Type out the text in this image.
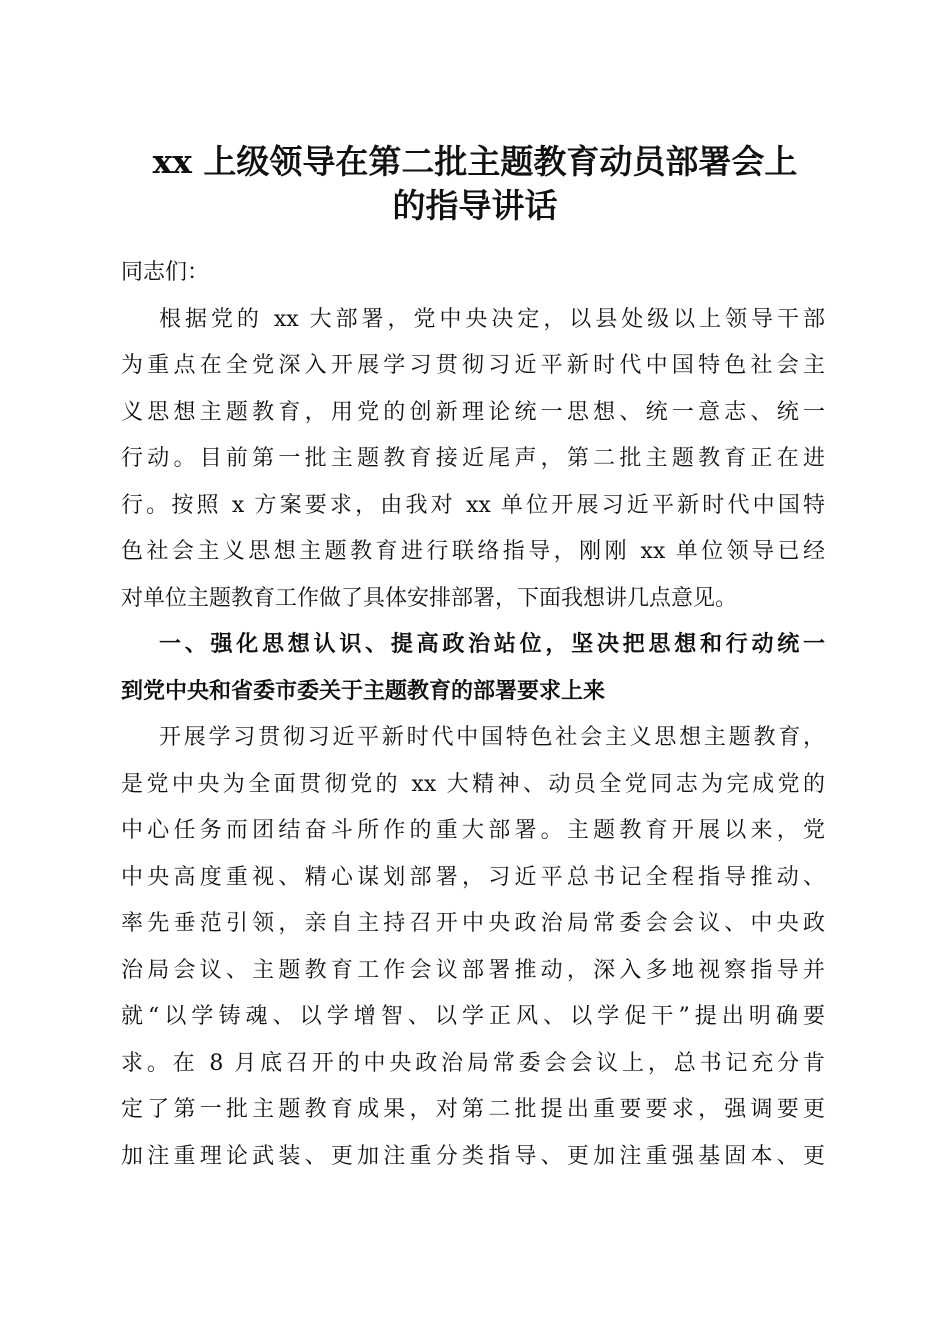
xx 上级领导在第二批主题教育动员部署会上
的指导讲话
同志们：
根据党的 xx 大部署，党中央决定，以县处级以上领导干部
为重点在全党深入开展学习贯彻习近平新时代中国特色社会主
义思想主题教育，用党的创新理论统一思想、统一意志、统一
行动。目前第一批主题教育接近尾声，第二批主题教育正在进
行。按照 x 方案要求，由我对 xx 单位开展习近平新时代中国特
色社会主义思想主题教育进行联络指导，刚刚 xx 单位领导已经
对单位主题教育工作做了具体安排部署，下面我想讲几点意见。
一、强化思想认识、提高政治站位，坚决把思想和行动统一
到党中央和省委市委关于主题教育的部署要求上来
开展学习贯彻习近平新时代中国特色社会主义思想主题教育，
是党中央为全面贯彻党的 xx 大精神、动员全党同志为完成党的
中心任务而团结奋斗所作的重大部署。主题教育开展以来，党
中央高度重视、精心谋划部署，习近平总书记全程指导推动、
率先垂范引领，亲自主持召开中央政治局常委会会议、中央政
治局会议、主题教育工作会议部署推动，深入多地视察指导并
就“以学铸魂、以学增智、以学正风、以学促干”提出明确要
求。在 8 月底召开的中央政治局常委会会议上，总书记充分肯
定了第一批主题教育成果，对第二批提出重要要求，强调要更
加注重理论武装、更加注重分类指导、更加注重强基固本、更
